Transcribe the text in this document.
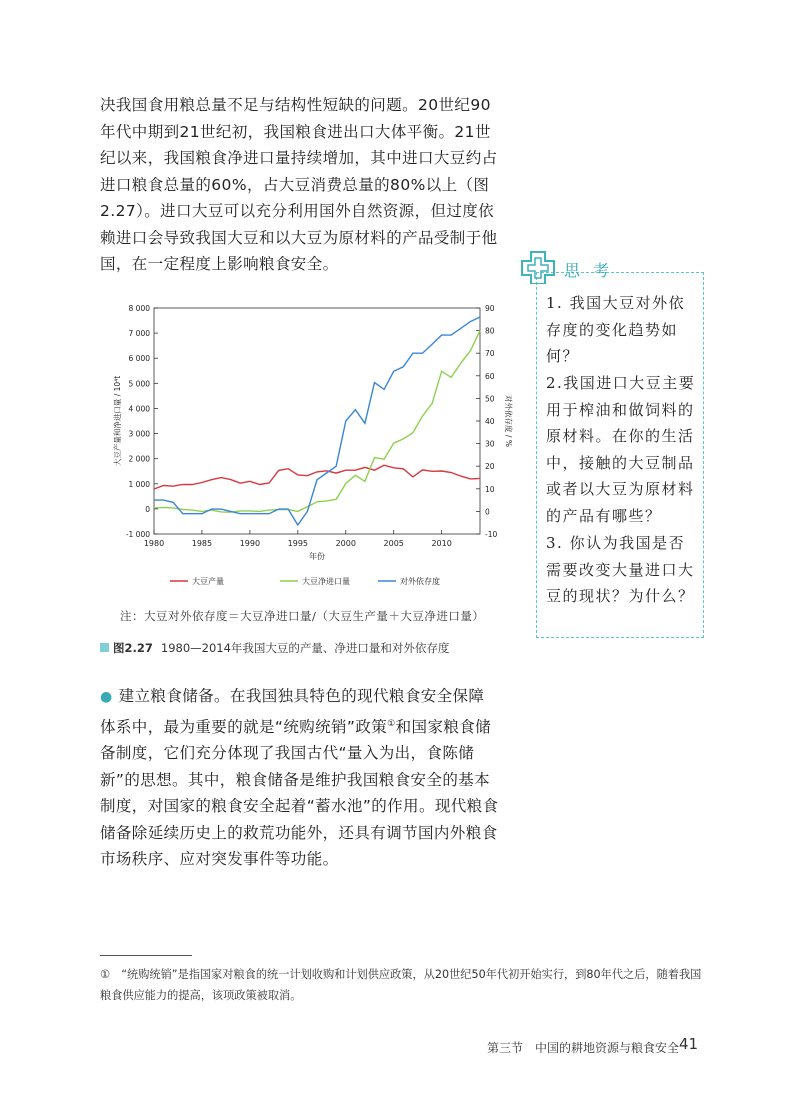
决我国食用粮总量不足与结构性短缺的问题。20世纪90年代中期到21世纪初，我国粮食进出口大体平衡。21世纪以来，我国粮食净进口量持续增加，其中进口大豆约占进口粮食总量的60%，占大豆消费总量的80%以上（图2.27）。进口大豆可以充分利用国外自然资源，但过度依赖进口会导致我国大豆和以大豆为原材料的产品受制于他国，在一定程度上影响粮食安全。	思 考

1. 我国大豆对外依存度的变化趋势如何？

2.我国进口大豆主要用于榨油和做饲料的原材料。在你的生活中，接触的大豆制品或者以大豆为原材料的产品有哪些？

3. 你认为我国是否需要改变大量进口大豆的现状？为什么？

1980	1985	1990	1995	2000	2005	2010
-1 000
0
1 000
2 000
3 000
4 000
5 000
6 000
7 000
8 000
-10
0
10
20
30
40
50
60
70
80
90
年份
大豆产量和净进口量 / 10⁴t	对外依存度 / %
大豆产量	大豆净进口量	对外依存度
注：大豆对外依存度＝大豆净进口量/（大豆生产量＋大豆净进口量）
图2.27 1980—2014年我国大豆的产量、净进口量和对外依存度

● 建立粮食储备。在我国独具特色的现代粮食安全保障体系中，最为重要的就是“统购统销”政策①和国家粮食储备制度，它们充分体现了我国古代“量入为出，食陈储新”的思想。其中，粮食储备是维护我国粮食安全的基本制度，对国家的粮食安全起着“蓄水池”的作用。现代粮食储备除延续历史上的救荒功能外，还具有调节国内外粮食市场秩序、应对突发事件等功能。

①　“统购统销”是指国家对粮食的统一计划收购和计划供应政策，从20世纪50年代初开始实行，到80年代之后，随着我国粮食供应能力的提高，该项政策被取消。

第三节　中国的耕地资源与粮食安全 41
